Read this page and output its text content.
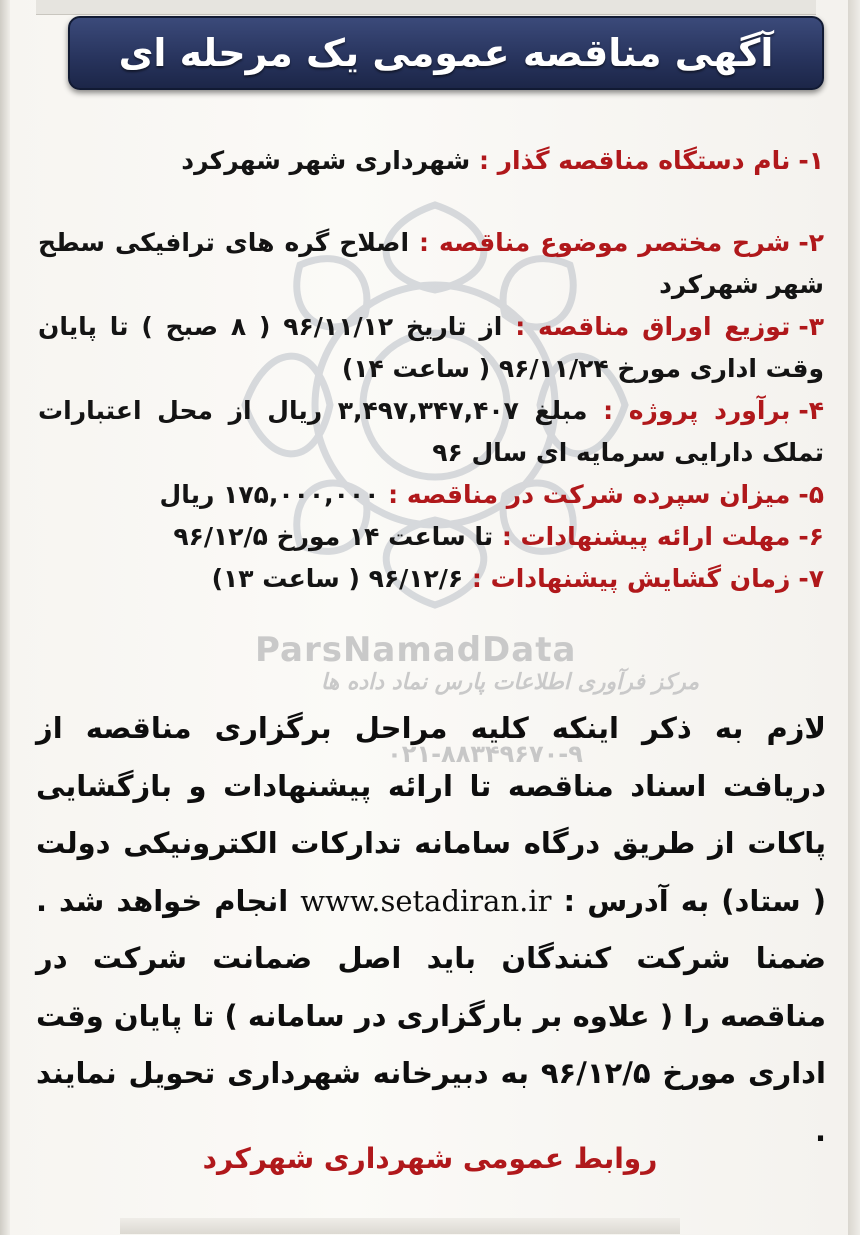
آگهی مناقصه عمومی یک مرحله ای

۱-نام دستگاه مناقصه گذار : شهرداری شهر شهرکرد

۲-شرح مختصر موضوع مناقصه : اصلاح گره های ترافیکی سطح شهر شهرکرد

۳-توزیع اوراق مناقصه : از تاریخ ۹۶/۱۱/۱۲ ( ۸ صبح ) تا پایان وقت اداری مورخ ۹۶/۱۱/۲۴ ( ساعت ۱۴)

۴-برآورد پروژه : مبلغ ۳,۴۹۷,۳۴۷,۴۰۷ ریال از محل اعتبارات تملک دارایی سرمایه ای سال ۹۶

۵-میزان سپرده شرکت در مناقصه : ۱۷۵,۰۰۰,۰۰۰ ریال

۶-مهلت ارائه پیشنهادات : تا ساعت ۱۴ مورخ ۹۶/۱۲/۵

۷-زمان گشایش پیشنهادات : ۹۶/۱۲/۶ ( ساعت ۱۳)

ParsNamadData
مرکز فرآوری اطلاعات پارس نماد داده ها
۰۲۱-۸۸۳۴۹۶۷۰-۹
لازم به ذکر اینکه کلیه مراحل برگزاری مناقصه از دریافت اسناد مناقصه تا ارائه پیشنهادات و بازگشایی پاکات از طریق درگاه سامانه تدارکات الکترونیکی دولت ( ستاد) به آدرس : www.setadiran.ir انجام خواهد شد . ضمنا شرکت کنندگان باید اصل ضمانت شرکت در مناقصه را ( علاوه بر بارگزاری در سامانه ) تا پایان وقت اداری مورخ ۹۶/۱۲/۵ به دبیرخانه شهرداری تحویل نمایند .
روابط عمومی شهرداری شهرکرد
